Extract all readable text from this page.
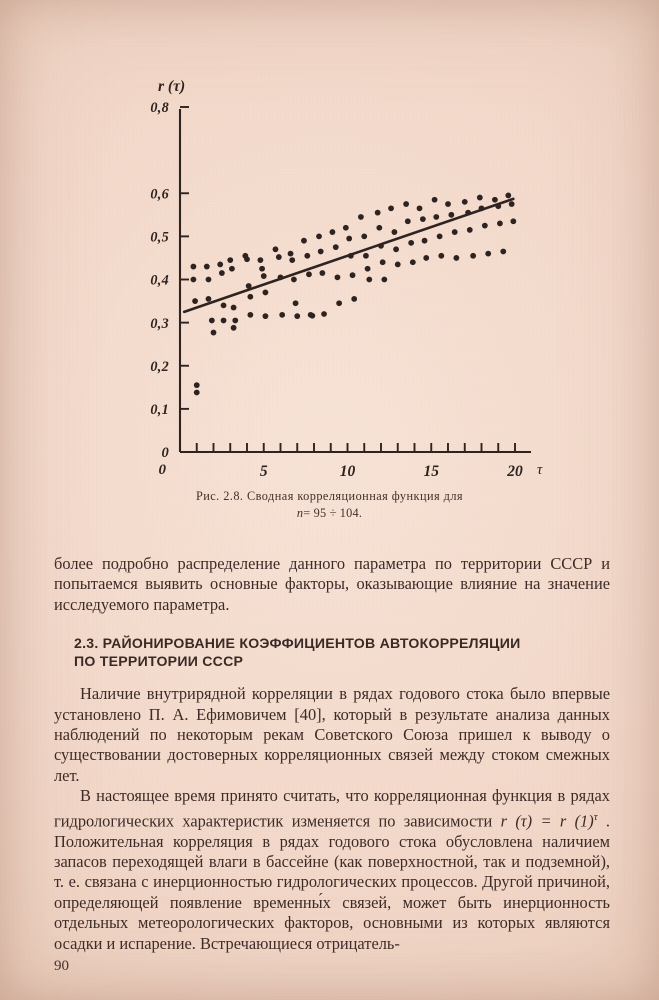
0
0,1
0,2
0,3
0,4
0,5
0,6
0,8
5	10	15	20
0	τ
r (τ)
Рис. 2.8. Сводная корреляционная функция для
n= 95 ÷ 104.

более подробно распределение данного параметра по территории СССР и попытаемся выявить основные факторы, оказывающие влияние на значение исследуемого параметра.

2.3. РАЙОНИРОВАНИЕ КОЭФФИЦИЕНТОВ АВТОКОРРЕЛЯЦИИ
ПО ТЕРРИТОРИИ СССР

Наличие внутрирядной корреляции в рядах годового стока было впервые установлено П. А. Ефимовичем [40], который в результате анализа данных наблюдений по некоторым рекам Советского Союза пришел к выводу о существовании достоверных корреляционных связей между стоком смежных лет.

В настоящее время принято считать, что корреляционная функция в рядах гидрологических характеристик изменяется по зависимости r (τ) = r $(1)^\tau$ . Положительная корреляция в рядах годового стока обусловлена наличием запасов переходящей влаги в бассейне (как поверхностной, так и подземной), т. е. связана с инерционностью гидрологических процессов. Другой причиной, определяющей появление временны́х связей, может быть инерционность отдельных метеорологических факторов, основными из которых являются осадки и испарение. Встречающиеся отрицатель-

90
